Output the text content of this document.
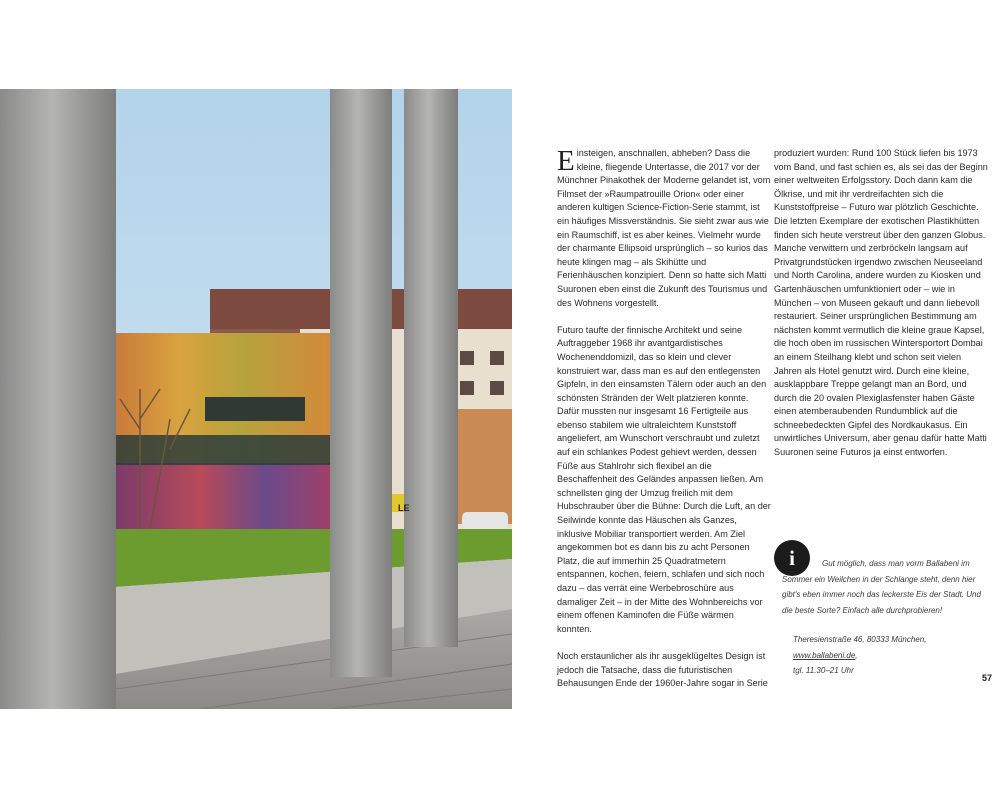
LE

Einsteigen, anschnallen, abheben? Dass die kleine, fliegende Untertasse, die 2017 vor der Münchner Pinakothek der Moderne gelandet ist, vom Filmset der »Raumpatrouille Orion« oder einer anderen kultigen Science-Fiction-Serie stammt, ist ein häufiges Missverständnis. Sie sieht zwar aus wie ein Raumschiff, ist es aber keines. Vielmehr wurde der charmante Ellipsoid ursprünglich – so kurios das heute klingen mag – als Skihütte und Ferienhäuschen konzipiert. Denn so hatte sich Matti Suuronen eben einst die Zukunft des Tourismus und des Wohnens vorgestellt.

Futuro taufte der finnische Architekt und seine Auftraggeber 1968 ihr avantgardistisches Wochenenddomizil, das so klein und clever konstruiert war, dass man es auf den entlegensten Gipfeln, in den einsamsten Tälern oder auch an den schönsten Stränden der Welt platzieren konnte. Dafür mussten nur insgesamt 16 Fertigteile aus ebenso stabilem wie ultraleichtem Kunststoff angeliefert, am Wunschort verschraubt und zuletzt auf ein schlankes Podest gehievt werden, dessen Füße aus Stahlrohr sich flexibel an die Beschaffenheit des Geländes anpassen ließen. Am schnellsten ging der Umzug freilich mit dem Hubschrauber über die Bühne: Durch die Luft, an der Seilwinde konnte das Häuschen als Ganzes, inklusive Mobiliar transportiert werden. Am Ziel angekommen bot es dann bis zu acht Personen Platz, die auf immerhin 25 Quadratmetern entspannen, kochen, feiern, schlafen und sich noch dazu – das verrät eine Werbebroschüre aus damaliger Zeit – in der Mitte des Wohnbereichs vor einem offenen Kaminofen die Füße wärmen konnten.

Noch erstaunlicher als ihr ausgeklügeltes Design ist jedoch die Tatsache, dass die futuristischen Behausungen Ende der 1960er-Jahre sogar in Serie

produziert wurden: Rund 100 Stück liefen bis 1973 vom Band, und fast schien es, als sei das der Beginn einer weltweiten Erfolgsstory. Doch dann kam die Ölkrise, und mit ihr verdreifachten sich die Kunststoffpreise – Futuro war plötzlich Geschichte. Die letzten Exemplare der exotischen Plastikhütten finden sich heute verstreut über den ganzen Globus. Manche verwittern und zerbröckeln langsam auf Privatgrundstücken irgendwo zwischen Neuseeland und North Carolina, andere wurden zu Kiosken und Gartenhäuschen umfunktioniert oder – wie in München – von Museen gekauft und dann liebevoll restauriert. Seiner ursprünglichen Bestimmung am nächsten kommt vermutlich die kleine graue Kapsel, die hoch oben im russischen Wintersportort Dombai an einem Steilhang klebt und schon seit vielen Jahren als Hotel genutzt wird. Durch eine kleine, ausklappbare Treppe gelangt man an Bord, und durch die 20 ovalen Plexiglasfenster haben Gäste einen atemberaubenden Rundumblick auf die schneebedeckten Gipfel des Nordkaukasus. Ein unwirtliches Universum, aber genau dafür hatte Matti Suuronen seine Futuros ja einst entworfen.

i	Gut möglich, dass man vorm Ballabeni im Sommer ein Weilchen in der Schlange steht, denn hier gibt's eben immer noch das leckerste Eis der Stadt. Und die beste Sorte? Einfach alle durchprobieren!
Theresienstraße 46, 80333 München, www.ballabeni.de,
tgl. 11.30–21 Uhr
57
